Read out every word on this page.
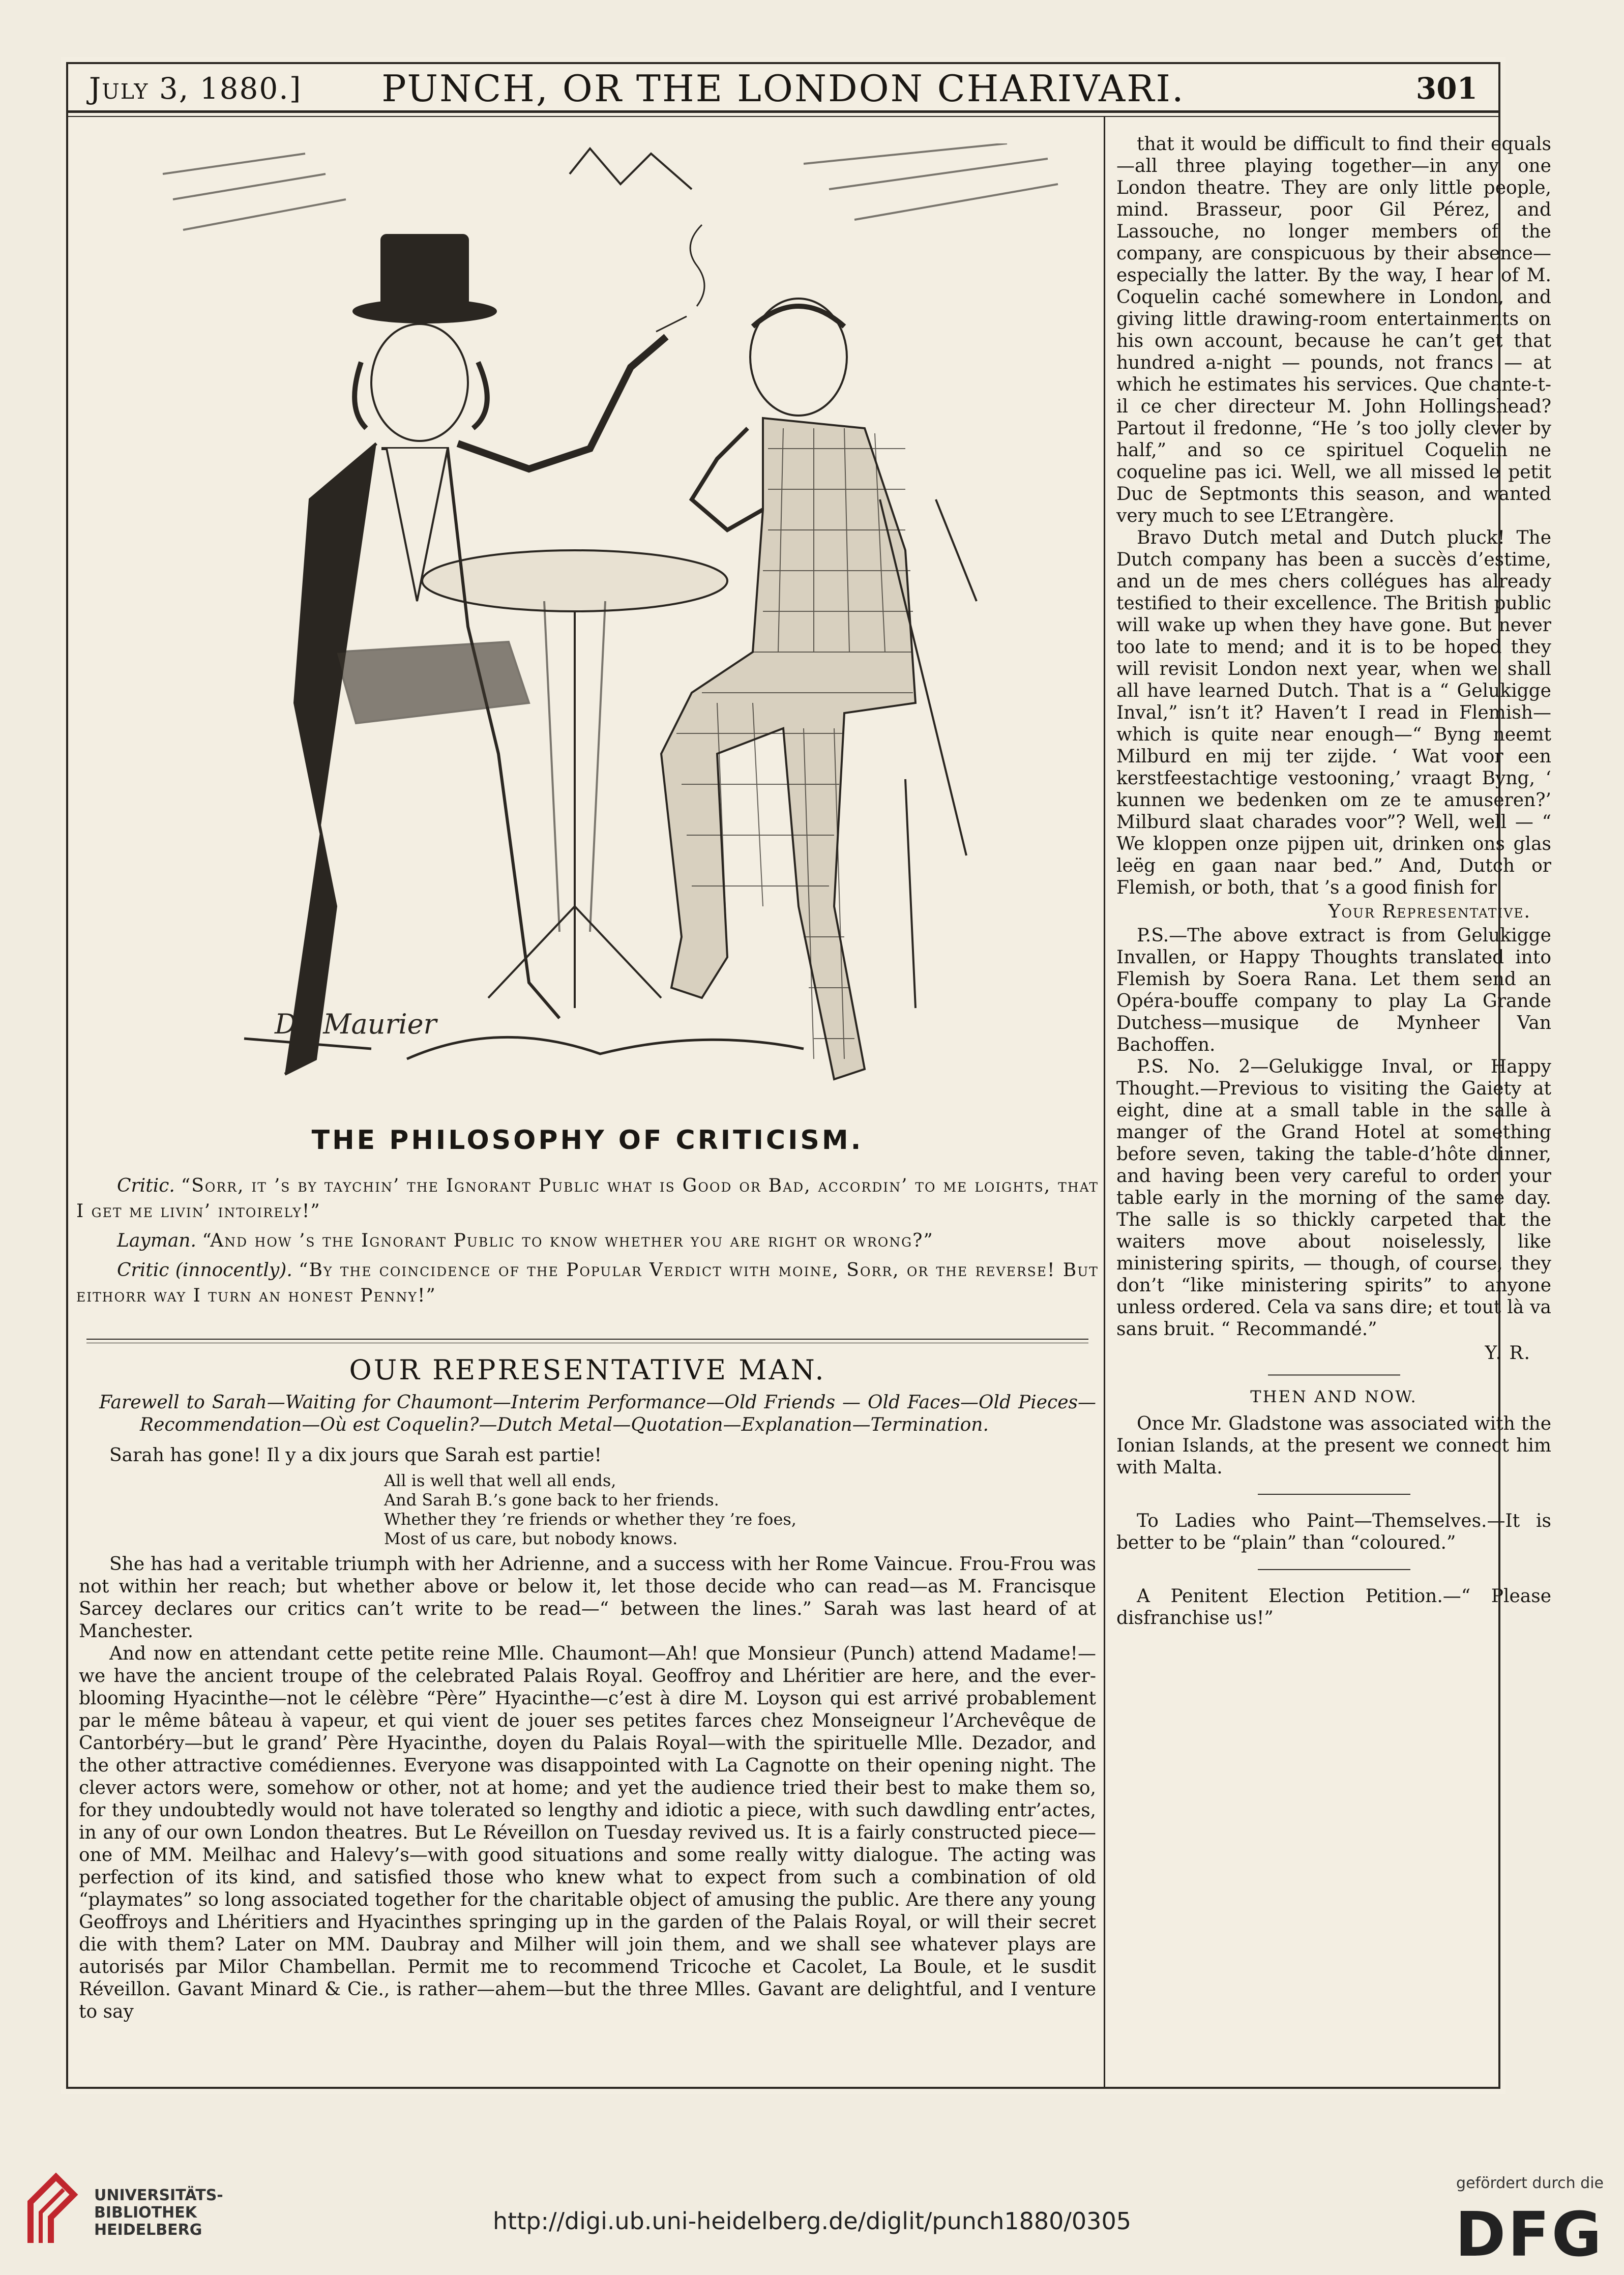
July 3, 1880.]	PUNCH, OR THE LONDON CHARIVARI.	301
Du Maurier
THE PHILOSOPHY OF CRITICISM.

Critic. “Sorr, it ’s by taychin’ the Ignorant Public what is Good or Bad, accordin’ to me loights, that I get me livin’ intoirely!”

Layman. “And how ’s the Ignorant Public to know whether you are right or wrong?”

Critic (innocently). “By the coincidence of the Popular Verdict with moine, Sorr, or the reverse! But eithorr way I turn an honest Penny!”

OUR REPRESENTATIVE MAN.

Farewell to Sarah—Waiting for Chaumont—Interim Performance—Old Friends — Old Faces—Old Pieces—Recommendation—Où est Coquelin?—Dutch Metal—Quotation—Explanation—Termination.

Sarah has gone! Il y a dix jours que Sarah est partie!

All is well that well all ends,
And Sarah B.’s gone back to her friends.
Whether they ’re friends or whether they ’re foes,
Most of us care, but nobody knows.

She has had a veritable triumph with her Adrienne, and a success with her Rome Vaincue. Frou-Frou was not within her reach; but whether above or below it, let those decide who can read—as M. Francisque Sarcey declares our critics can’t write to be read—“ between the lines.” Sarah was last heard of at Manchester.

And now en attendant cette petite reine Mlle. Chaumont—Ah! que Monsieur (Punch) attend Madame!—we have the ancient troupe of the celebrated Palais Royal. Geoffroy and Lhéritier are here, and the ever-blooming Hyacinthe—not le célèbre “Père” Hyacinthe—c’est à dire M. Loyson qui est arrivé probablement par le même bâteau à vapeur, et qui vient de jouer ses petites farces chez Monseigneur l’Archevêque de Cantorbéry—but le grand’ Père Hyacinthe, doyen du Palais Royal—with the spirituelle Mlle. Dezador, and the other attractive comédiennes. Everyone was disappointed with La Cagnotte on their opening night. The clever actors were, somehow or other, not at home; and yet the audience tried their best to make them so, for they undoubtedly would not have tolerated so lengthy and idiotic a piece, with such dawdling entr’actes, in any of our own London theatres. But Le Réveillon on Tuesday revived us. It is a fairly constructed piece—one of MM. Meilhac and Halevy’s—with good situations and some really witty dialogue. The acting was perfection of its kind, and satisfied those who knew what to expect from such a combination of old “playmates” so long associated together for the charitable object of amusing the public. Are there any young Geoffroys and Lhéritiers and Hyacinthes springing up in the garden of the Palais Royal, or will their secret die with them? Later on MM. Daubray and Milher will join them, and we shall see whatever plays are autorisés par Milor Chambellan. Permit me to recommend Tricoche et Cacolet, La Boule, et le susdit Réveillon. Gavant Minard & Cie., is rather—ahem—but the three Mlles. Gavant are delightful, and I venture to say

that it would be difficult to find their equals—all three playing together—in any one London theatre. They are only little people, mind. Brasseur, poor Gil Pérez, and Lassouche, no longer members of the company, are conspicuous by their absence—especially the latter. By the way, I hear of M. Coquelin caché somewhere in London, and giving little drawing-room entertainments on his own account, because he can’t get that hundred a-night — pounds, not francs — at which he estimates his services. Que chante-t-il ce cher directeur M. John Hollingshead? Partout il fredonne, “He ’s too jolly clever by half,” and so ce spirituel Coquelin ne coqueline pas ici. Well, we all missed le petit Duc de Septmonts this season, and wanted very much to see L’Etrangère.

Bravo Dutch metal and Dutch pluck! The Dutch company has been a succès d’estime, and un de mes chers collégues has already testified to their excellence. The British public will wake up when they have gone. But never too late to mend; and it is to be hoped they will revisit London next year, when we shall all have learned Dutch. That is a “ Gelukigge Inval,” isn’t it? Haven’t I read in Flemish—which is quite near enough—“ Byng neemt Milburd en mij ter zijde. ‘ Wat voor een kerstfeestachtige vestooning,’ vraagt Byng, ‘ kunnen we bedenken om ze te amuseren?’ Milburd slaat charades voor”? Well, well — “ We kloppen onze pijpen uit, drinken ons glas leëg en gaan naar bed.” And, Dutch or Flemish, or both, that ’s a good finish for

Your Representative.

P.S.—The above extract is from Gelukigge Invallen, or Happy Thoughts translated into Flemish by Soera Rana. Let them send an Opéra-bouffe company to play La Grande Dutchess—musique de Mynheer Van Bachoffen.

P.S. No. 2—Gelukigge Inval, or Happy Thought.—Previous to visiting the Gaiety at eight, dine at a small table in the salle à manger of the Grand Hotel at something before seven, taking the table-d’hôte dinner, and having been very careful to order your table early in the morning of the same day. The salle is so thickly carpeted that the waiters move about noiselessly, like ministering spirits, — though, of course, they don’t “like ministering spirits” to anyone unless ordered. Cela va sans dire; et tout là va sans bruit. “ Recommandé.”

Y. R.

THEN AND NOW.

Once Mr. Gladstone was associated with the Ionian Islands, at the present we connect him with Malta.

To Ladies who Paint—Themselves.—It is better to be “plain” than “coloured.”

A Penitent Election Petition.—“ Please disfranchise us!”

UNIVERSITÄTS-
BIBLIOTHEK
HEIDELBERG	http://digi.ub.uni-heidelberg.de/diglit/punch1880/0305
gefördert durch die
DFG
